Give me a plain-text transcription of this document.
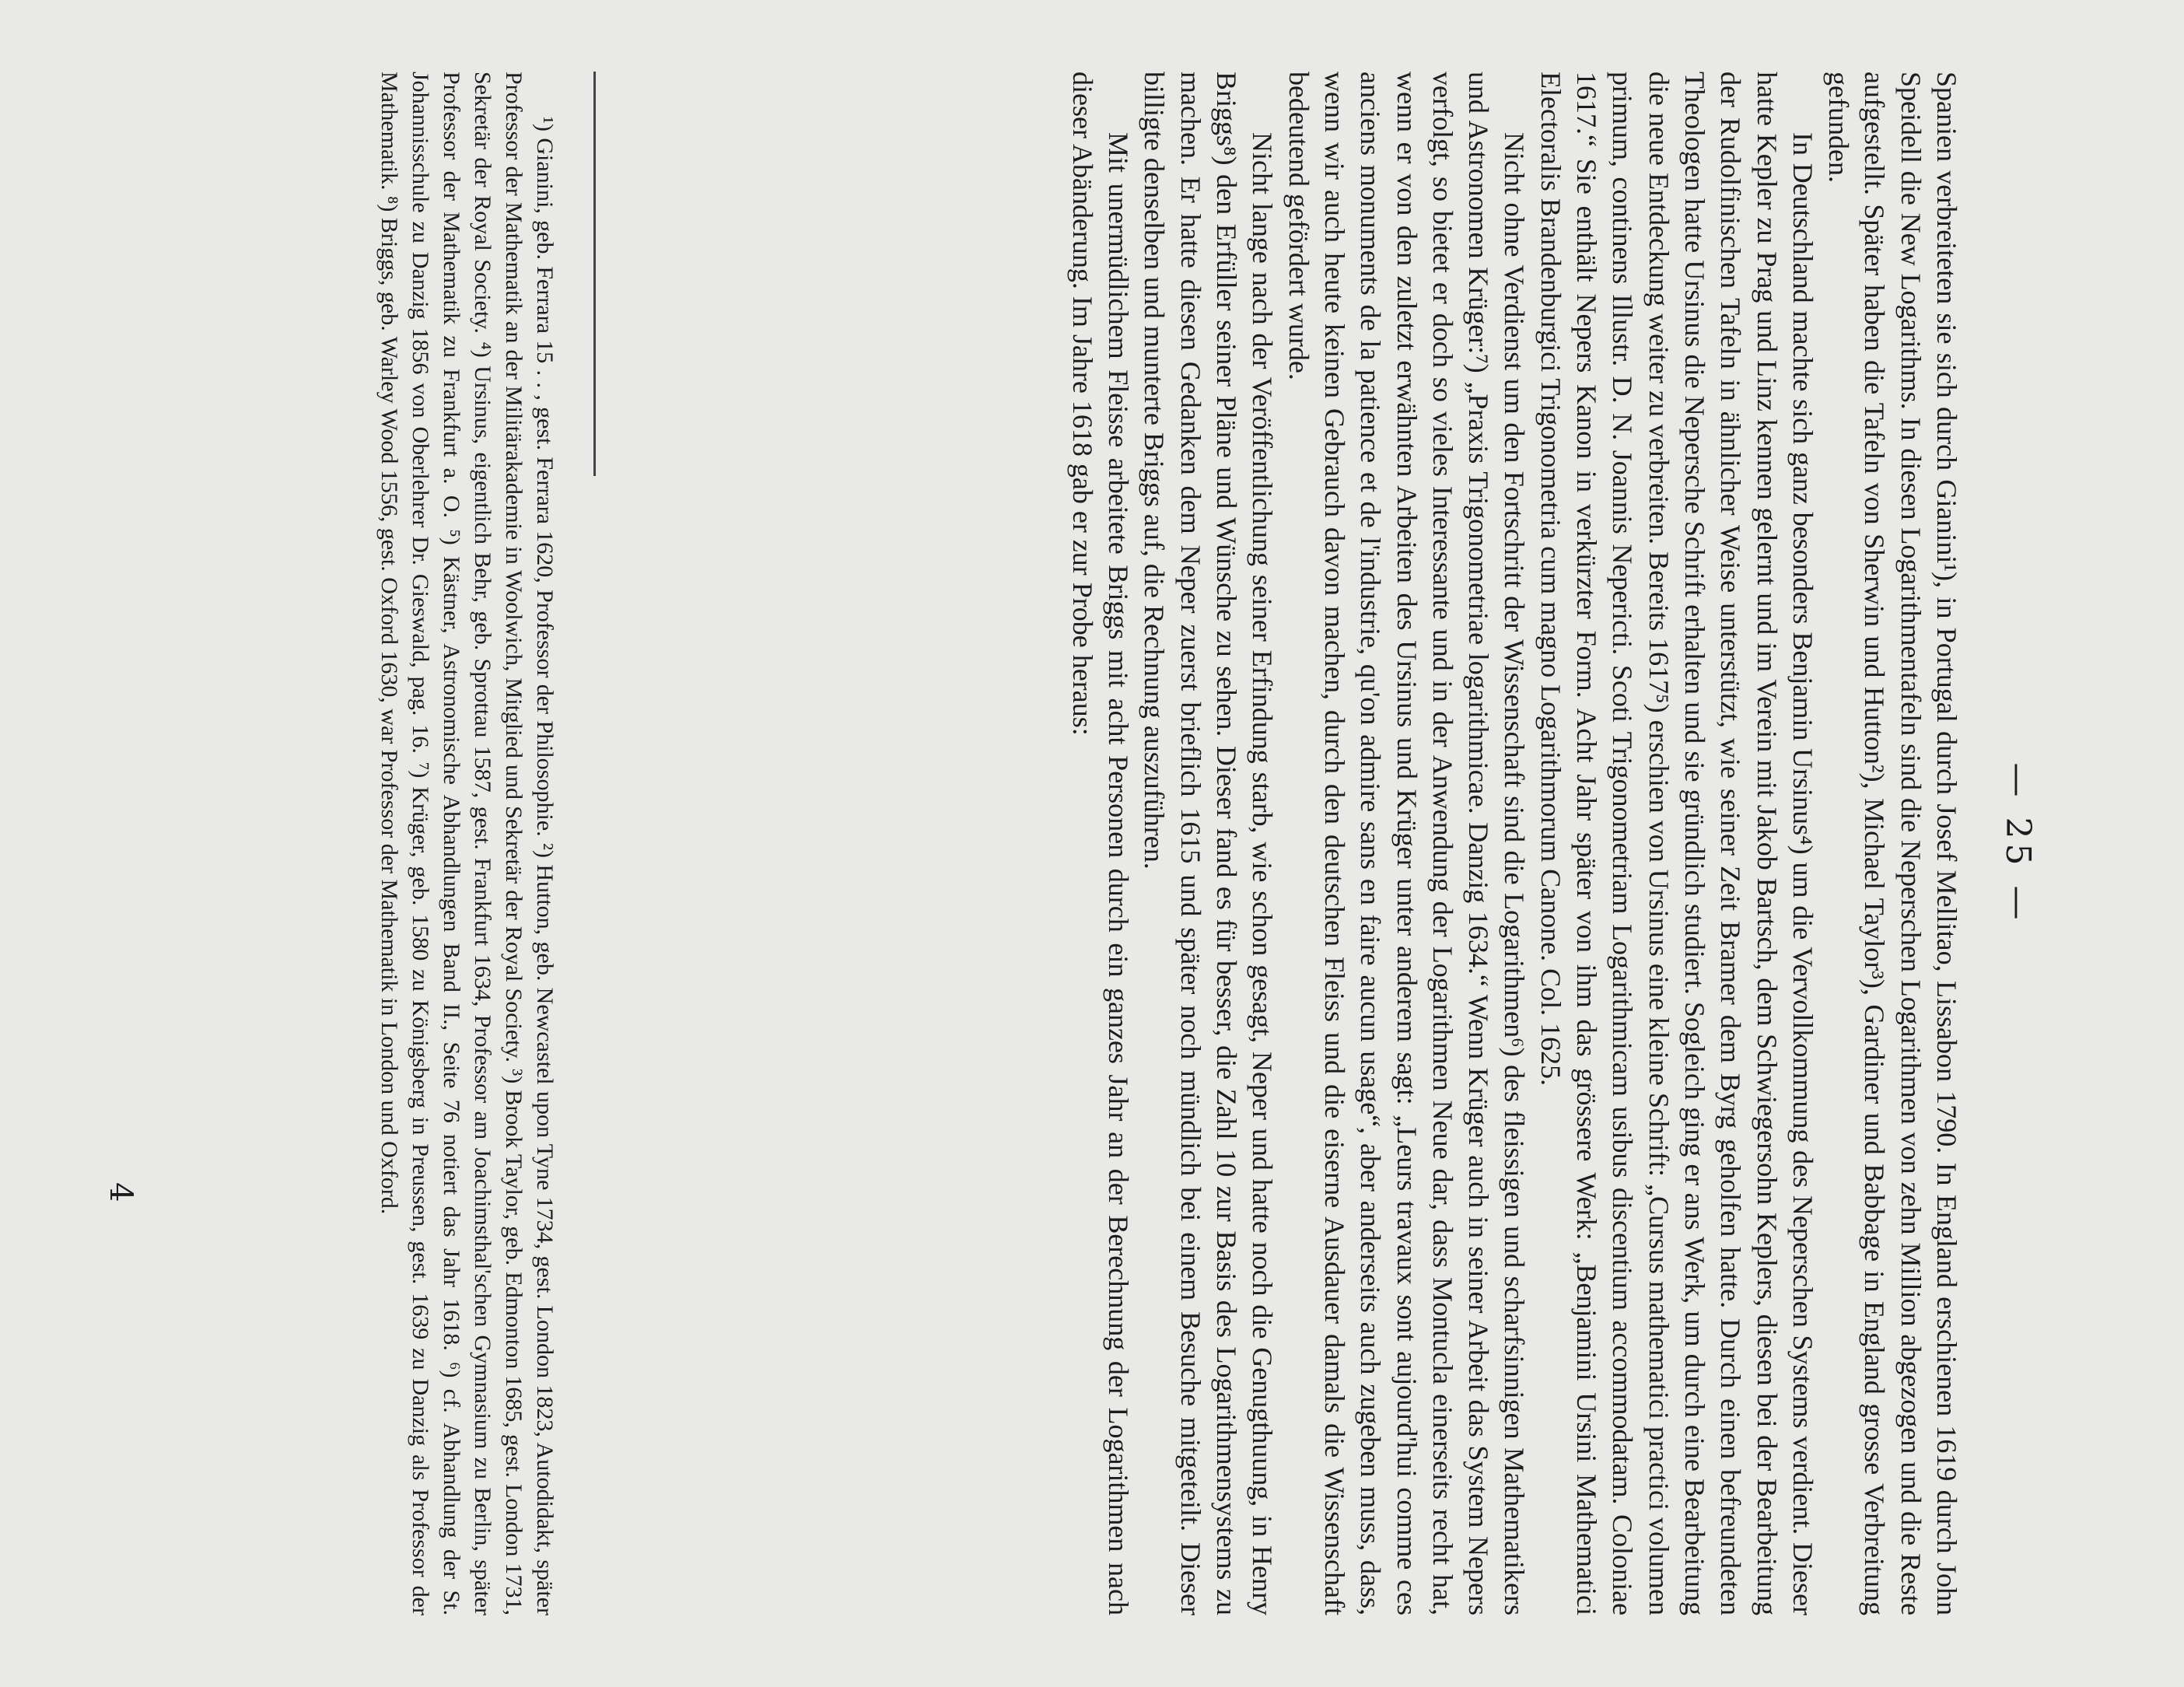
— 25 —

Spanien verbreiteten sie sich durch Gianini¹), in Portugal durch Josef Mellitao, Lissabon 1790. In England erschienen 1619 durch John Speidell die New Logarithms. In diesen Logarithmentafeln sind die Neperschen Logarithmen von zehn Million abgezogen und die Reste aufgestellt. Später haben die Tafeln von Sherwin und Hutton²), Michael Taylor³), Gardiner und Babbage in England grosse Verbreitung gefunden.

In Deutschland machte sich ganz besonders Benjamin Ursinus⁴) um die Vervollkommung des Neperschen Systems verdient. Dieser hatte Kepler zu Prag und Linz kennen gelernt und im Verein mit Jakob Bartsch, dem Schwiegersohn Keplers, diesen bei der Bearbeitung der Rudolfinischen Tafeln in ähnlicher Weise unterstützt, wie seiner Zeit Bramer dem Byrg geholfen hatte. Durch einen befreundeten Theologen hatte Ursinus die Nepersche Schrift erhalten und sie gründlich studiert. Sogleich ging er ans Werk, um durch eine Bearbeitung die neue Entdeckung weiter zu verbreiten. Bereits 1617⁵) erschien von Ursinus eine kleine Schrift: „Cursus mathematici practici volumen primum, continens Illustr. D. N. Joannis Nepericti. Scoti Trigonometriam Logarithmicam usibus discentium accommodatam. Coloniae 1617.“ Sie enthält Nepers Kanon in verkürzter Form. Acht Jahr später von ihm das grössere Werk: „Benjamini Ursini Mathematici Electoralis Brandenburgici Trigonometria cum magno Logarithmorum Canone. Col. 1625.

Nicht ohne Verdienst um den Fortschritt der Wissenschaft sind die Logarithmen⁶) des fleissigen und scharfsinnigen Mathematikers und Astronomen Krüger:⁷) „Praxis Trigonometriae logarithmicae. Danzig 1634.“ Wenn Krüger auch in seiner Arbeit das System Nepers verfolgt, so bietet er doch so vieles Interessante und in der Anwendung der Logarithmen Neue dar, dass Montucla einerseits recht hat, wenn er von den zuletzt erwähnten Arbeiten des Ursinus und Krüger unter anderem sagt: „Leurs travaux sont aujourd'hui comme ces anciens monuments de la patience et de l'industrie, qu'on admire sans en faire aucun usage“, aber anderseits auch zugeben muss, dass, wenn wir auch heute keinen Gebrauch davon machen, durch den deutschen Fleiss und die eiserne Ausdauer damals die Wissenschaft bedeutend gefördert wurde.

Nicht lange nach der Veröffentlichung seiner Erfindung starb, wie schon gesagt, Neper und hatte noch die Genugthuung, in Henry Briggs⁸) den Erfüller seiner Pläne und Wünsche zu sehen. Dieser fand es für besser, die Zahl 10 zur Basis des Logarithmensystems zu machen. Er hatte diesen Gedanken dem Neper zuerst brieflich 1615 und später noch mündlich bei einem Besuche mitgeteilt. Dieser billigte denselben und munterte Briggs auf, die Rechnung auszuführen.

Mit unermüdlichem Fleisse arbeitete Briggs mit acht Personen durch ein ganzes Jahr an der Berechnung der Logarithmen nach dieser Abänderung. Im Jahre 1618 gab er zur Probe heraus:

¹) Gianini, geb. Ferrara 15 . . , gest. Ferrara 1620, Professor der Philosophie. ²) Hutton, geb. Newcastel upon Tyne 1734, gest. London 1823, Autodidakt, später Professor der Mathematik an der Militärakademie in Woolwich, Mitglied und Sekretär der Royal Society. ³) Brook Taylor, geb. Edmonton 1685, gest. London 1731, Sekretär der Royal Society. ⁴) Ursinus, eigentlich Behr, geb. Sprottau 1587, gest. Frankfurt 1634, Professor am Joachimsthal'schen Gymnasium zu Berlin, später Professor der Mathematik zu Frankfurt a. O. ⁵) Kästner, Astronomische Abhandlungen Band II., Seite 76 notiert das Jahr 1618. ⁶) cf. Abhandlung der St. Johannisschule zu Danzig 1856 von Oberlehrer Dr. Gieswald, pag. 16. ⁷) Krüger, geb. 1580 zu Königsberg in Preussen, gest. 1639 zu Danzig als Professor der Mathematik. ⁸) Briggs, geb. Warley Wood 1556, gest. Oxford 1630, war Professor der Mathematik in London und Oxford.

4
